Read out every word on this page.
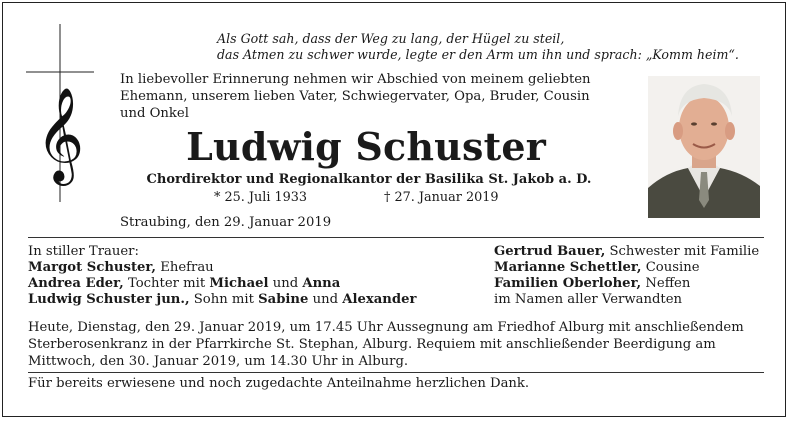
𝄞
Als Gott sah, dass der Weg zu lang, der Hügel zu steil,
das Atmen zu schwer wurde, legte er den Arm um ihn und sprach: „Komm heim“.
In liebevoller Erinnerung nehmen wir Abschied von meinem geliebten
Ehemann, unserem lieben Vater, Schwiegervater, Opa, Bruder, Cousin
und Onkel
Ludwig Schuster
Chordirektor und Regionalkantor der Basilika St. Jakob a. D.
* 25. Juli 1933	† 27. Januar 2019
Straubing, den 29. Januar 2019
In stiller Trauer:
Margot Schuster, Ehefrau
Andrea Eder, Tochter mit Michael und Anna
Ludwig Schuster jun., Sohn mit Sabine und Alexander
Gertrud Bauer, Schwester mit Familie
Marianne Schettler, Cousine
Familien Oberloher, Neffen
im Namen aller Verwandten
Heute, Dienstag, den 29. Januar 2019, um 17.45 Uhr Aussegnung am Friedhof Alburg mit anschließendem
Sterberosenkranz in der Pfarrkirche St. Stephan, Alburg. Requiem mit anschließender Beerdigung am
Mittwoch, den 30. Januar 2019, um 14.30 Uhr in Alburg.
Für bereits erwiesene und noch zugedachte Anteilnahme herzlichen Dank.
